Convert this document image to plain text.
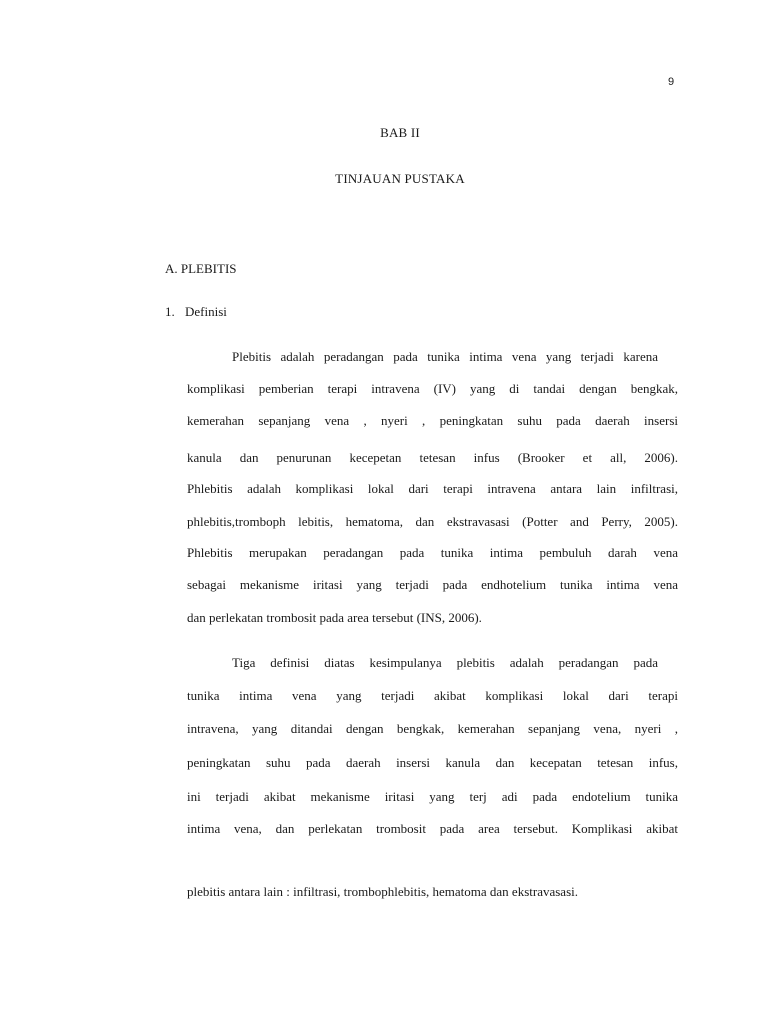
9
BAB II
TINJAUAN PUSTAKA
A. PLEBITIS
1. Definisi
Plebitis adalah peradangan pada tunika intima vena yang terjadi karena
komplikasi pemberian terapi intravena (IV) yang di tandai dengan bengkak,
kemerahan sepanjang vena , nyeri , peningkatan suhu pada daerah insersi
kanula dan penurunan kecepetan tetesan infus (Brooker et all, 2006).
Phlebitis adalah komplikasi lokal dari terapi intravena antara lain infiltrasi,
phlebitis,tromboph lebitis, hematoma, dan ekstravasasi (Potter and Perry, 2005).
Phlebitis merupakan peradangan pada tunika intima pembuluh darah vena
sebagai mekanisme iritasi yang terjadi pada endhotelium tunika intima vena
dan perlekatan trombosit pada area tersebut (INS, 2006).
Tiga definisi diatas kesimpulanya plebitis adalah peradangan pada
tunika intima vena yang terjadi akibat komplikasi lokal dari terapi
intravena, yang ditandai dengan bengkak, kemerahan sepanjang vena, nyeri ,
peningkatan suhu pada daerah insersi kanula dan kecepatan tetesan infus,
ini terjadi akibat mekanisme iritasi yang terj adi pada endotelium tunika
intima vena, dan perlekatan trombosit pada area tersebut. Komplikasi akibat
plebitis antara lain : infiltrasi, trombophlebitis, hematoma dan ekstravasasi.
